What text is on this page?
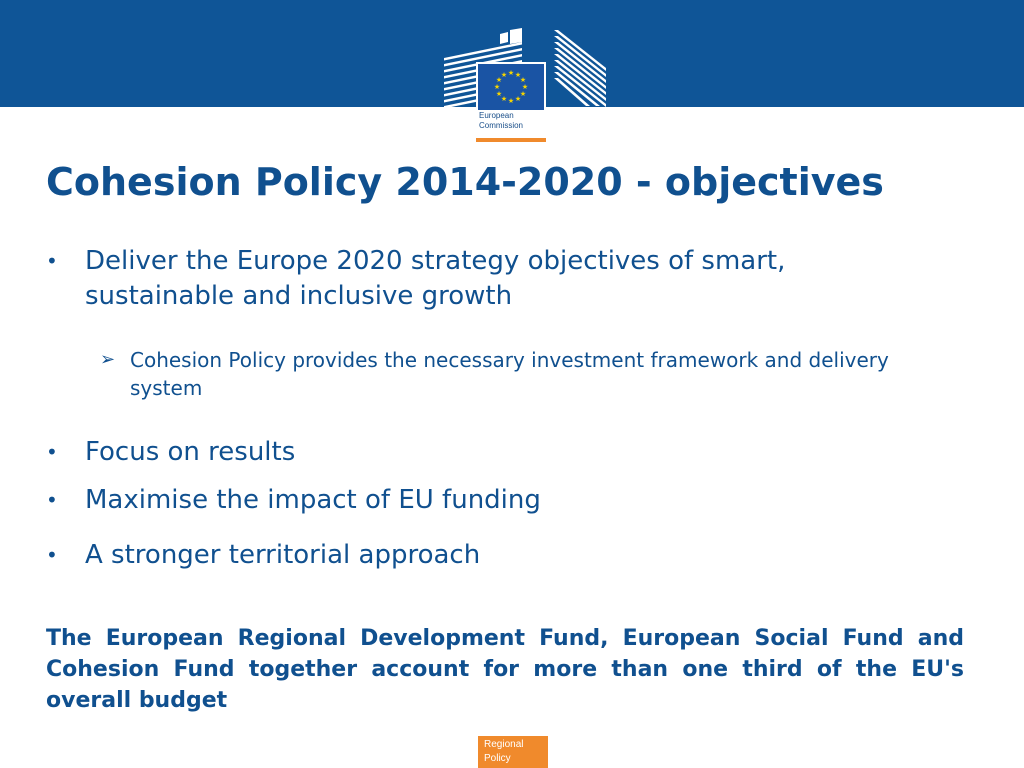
★ ★
★
★
★
★
★
★
★
★
★
★
European
Commission
Cohesion Policy 2014-2020 - objectives
•	Deliver the Europe 2020 strategy objectives of smart, sustainable and inclusive growth
➢ Cohesion Policy provides the necessary investment framework and delivery system
•	Focus on results
•	Maximise the impact of EU funding
•	A stronger territorial approach

The European Regional Development Fund, European Social Fund and Cohesion Fund together account for more than one third of the EU's overall budget

Regional
Policy
